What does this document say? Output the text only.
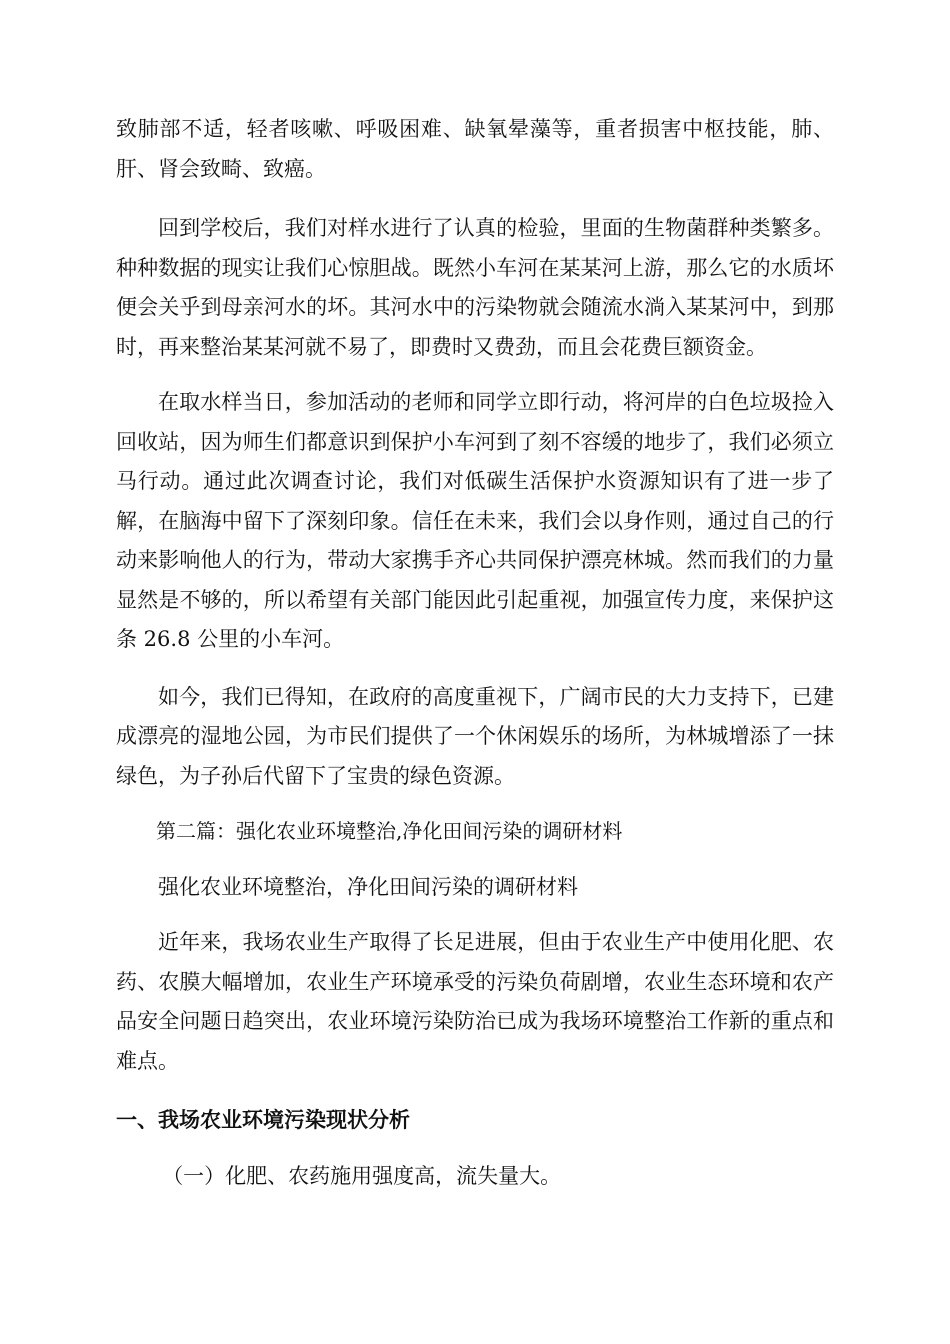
致肺部不适，轻者咳嗽、呼吸困难、缺氧晕藻等，重者损害中枢技能，肺、肝、肾会致畸、致癌。

回到学校后，我们对样水进行了认真的检验，里面的生物菌群种类繁多。种种数据的现实让我们心惊胆战。既然小车河在某某河上游，那么它的水质坏便会关乎到母亲河水的坏。其河水中的污染物就会随流水淌入某某河中，到那时，再来整治某某河就不易了，即费时又费劲，而且会花费巨额资金。

在取水样当日，参加活动的老师和同学立即行动，将河岸的白色垃圾捡入回收站，因为师生们都意识到保护小车河到了刻不容缓的地步了，我们必须立马行动。通过此次调查讨论，我们对低碳生活保护水资源知识有了进一步了解，在脑海中留下了深刻印象。信任在未来，我们会以身作则，通过自己的行动来影响他人的行为，带动大家携手齐心共同保护漂亮林城。然而我们的力量显然是不够的，所以希望有关部门能因此引起重视，加强宣传力度，来保护这条 26.8 公里的小车河。

如今，我们已得知，在政府的高度重视下，广阔市民的大力支持下，已建成漂亮的湿地公园，为市民们提供了一个休闲娱乐的场所，为林城增添了一抹绿色，为子孙后代留下了宝贵的绿色资源。

第二篇：强化农业环境整治,净化田间污染的调研材料

强化农业环境整治，净化田间污染的调研材料

近年来，我场农业生产取得了长足进展，但由于农业生产中使用化肥、农药、农膜大幅增加，农业生产环境承受的污染负荷剧增，农业生态环境和农产品安全问题日趋突出，农业环境污染防治已成为我场环境整治工作新的重点和难点。

一、我场农业环境污染现状分析

（一）化肥、农药施用强度高，流失量大。
